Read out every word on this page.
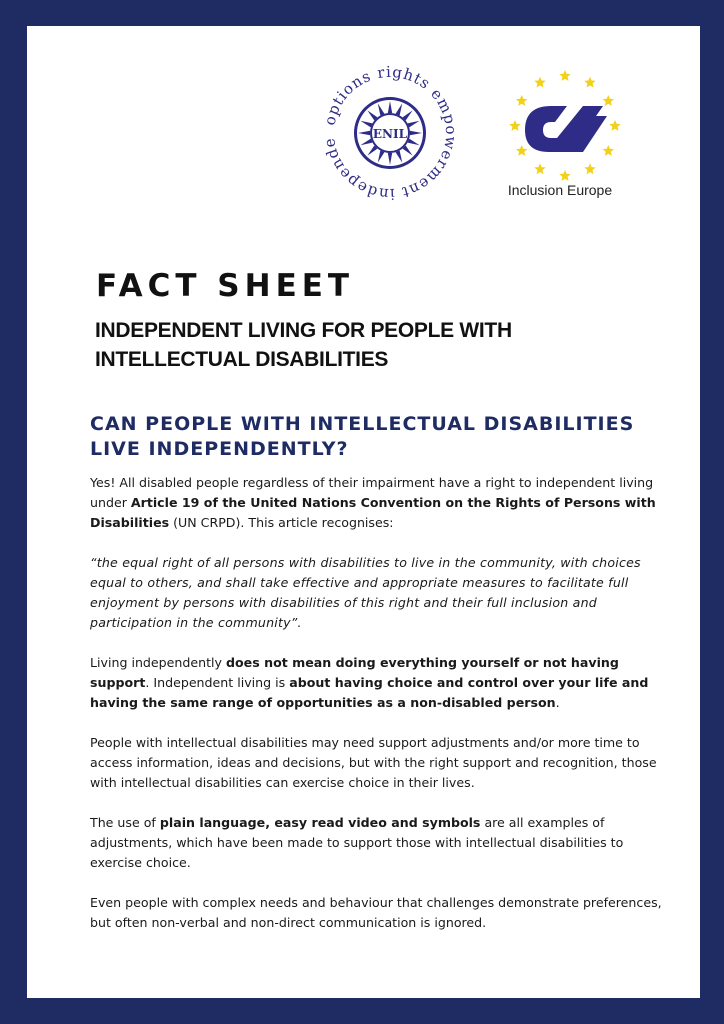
options rights empowerment independe
ENIL
Inclusion Europe
FACT SHEET
INDEPENDENT LIVING FOR PEOPLE WITH INTELLECTUAL DISABILITIES
CAN PEOPLE WITH INTELLECTUAL DISABILITIES LIVE INDEPENDENTLY?

Yes! All disabled people regardless of their impairment have a right to independent living under Article 19 of the United Nations Convention on the Rights of Persons with Disabilities (UN CRPD). This article recognises:

“the equal right of all persons with disabilities to live in the community, with choices equal to others, and shall take effective and appropriate measures to facilitate full enjoyment by persons with disabilities of this right and their full inclusion and participation in the community”.

Living independently does not mean doing everything yourself or not having support. Independent living is about having choice and control over your life and having the same range of opportunities as a non-disabled person.

People with intellectual disabilities may need support adjustments and/or more time to access information, ideas and decisions, but with the right support and recognition, those with intellectual disabilities can exercise choice in their lives.

The use of plain language, easy read video and symbols are all examples of adjustments, which have been made to support those with intellectual disabilities to exercise choice.

Even people with complex needs and behaviour that challenges demonstrate preferences, but often non-verbal and non-direct communication is ignored.
